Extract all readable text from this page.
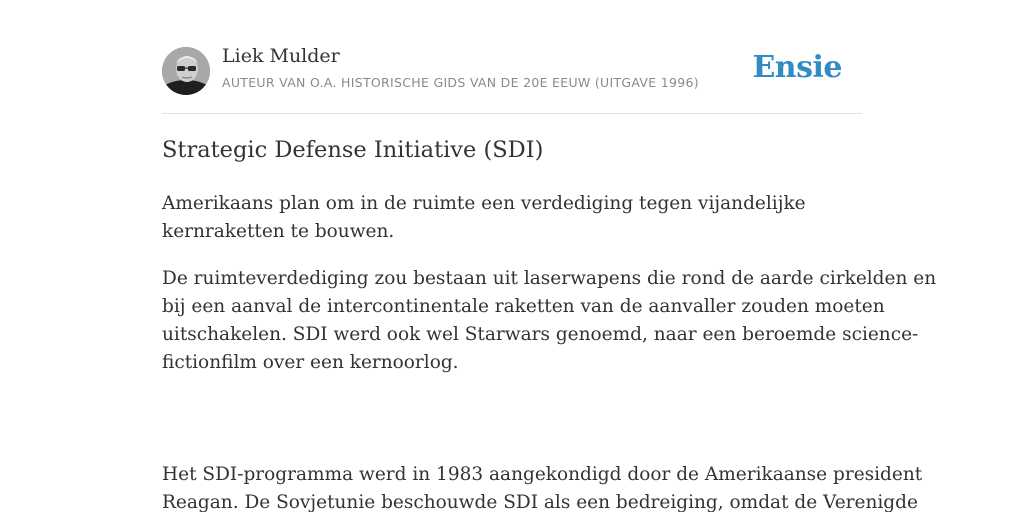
Liek Mulder
AUTEUR VAN O.A. HISTORISCHE GIDS VAN DE 20E EEUW (UITGAVE 1996) Ensie
Strategic Defense Initiative (SDI)

Amerikaans plan om in de ruimte een verdediging tegen vijandelijke
kernraketten te bouwen.

De ruimteverdediging zou bestaan uit laserwapens die rond de aarde cirkelden en
bij een aanval de intercontinentale raketten van de aanvaller zouden moeten
uitschakelen. SDI werd ook wel Starwars genoemd, naar een beroemde science-
fictionfilm over een kernoorlog.

Het SDI-programma werd in 1983 aangekondigd door de Amerikaanse president
Reagan. De Sovjetunie beschouwde SDI als een bedreiging, omdat de Verenigde
